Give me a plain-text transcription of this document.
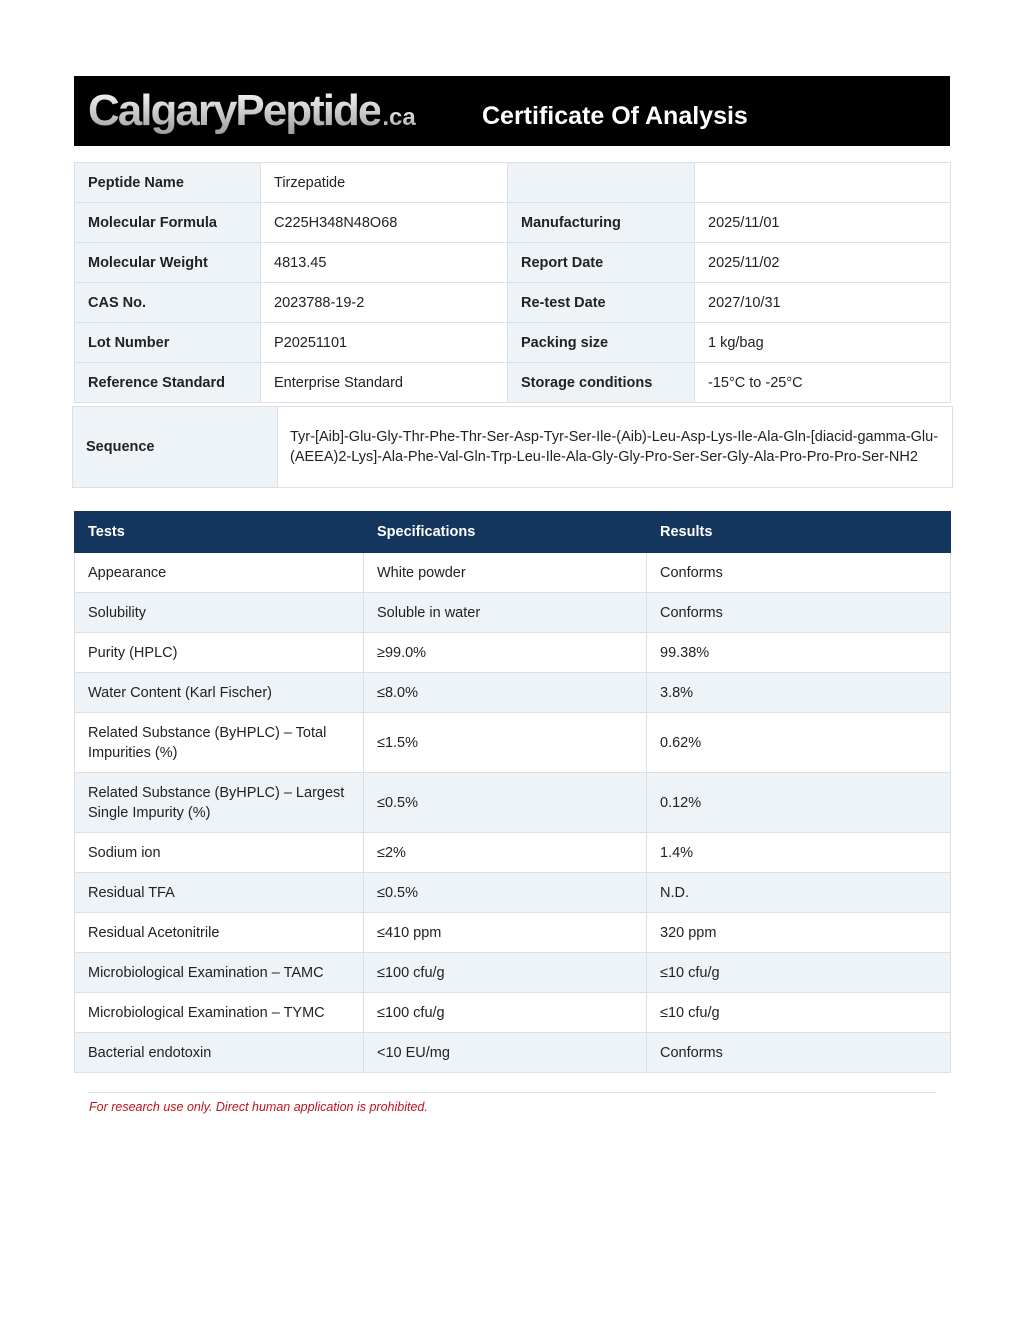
CalgaryPeptide .ca	Certificate Of Analysis
Peptide Name	Tirzepatide		
Molecular Formula	C225H348N48O68	Manufacturing	2025/11/01
Molecular Weight	4813.45	Report Date	2025/11/02
CAS No.	2023788-19-2	Re-test Date	2027/10/31
Lot Number	P20251101	Packing size	1 kg/bag
Reference Standard	Enterprise Standard	Storage conditions	-15°C to -25°C
Sequence	Tyr-[Aib]-Glu-Gly-Thr-Phe-Thr-Ser-Asp-Tyr-Ser-Ile-(Aib)-Leu-Asp-Lys-Ile-Ala-Gln-[diacid-gamma-Glu-(AEEA)2-Lys]-Ala-Phe-Val-Gln-Trp-Leu-Ile-Ala-Gly-Gly-Pro-Ser-Ser-Gly-Ala-Pro-Pro-Pro-Ser-NH2
Tests	Specifications	Results
Appearance	White powder	Conforms
Solubility	Soluble in water	Conforms
Purity (HPLC)	≥99.0%	99.38%
Water Content (Karl Fischer)	≤8.0%	3.8%
Related Substance (ByHPLC) – Total Impurities (%)	≤1.5%	0.62%
Related Substance (ByHPLC) – Largest Single Impurity (%)	≤0.5%	0.12%
Sodium ion	≤2%	1.4%
Residual TFA	≤0.5%	N.D.
Residual Acetonitrile	≤410 ppm	320 ppm
Microbiological Examination – TAMC	≤100 cfu/g	≤10 cfu/g
Microbiological Examination – TYMC	≤100 cfu/g	≤10 cfu/g
Bacterial endotoxin	<10 EU/mg	Conforms
For research use only. Direct human application is prohibited.
